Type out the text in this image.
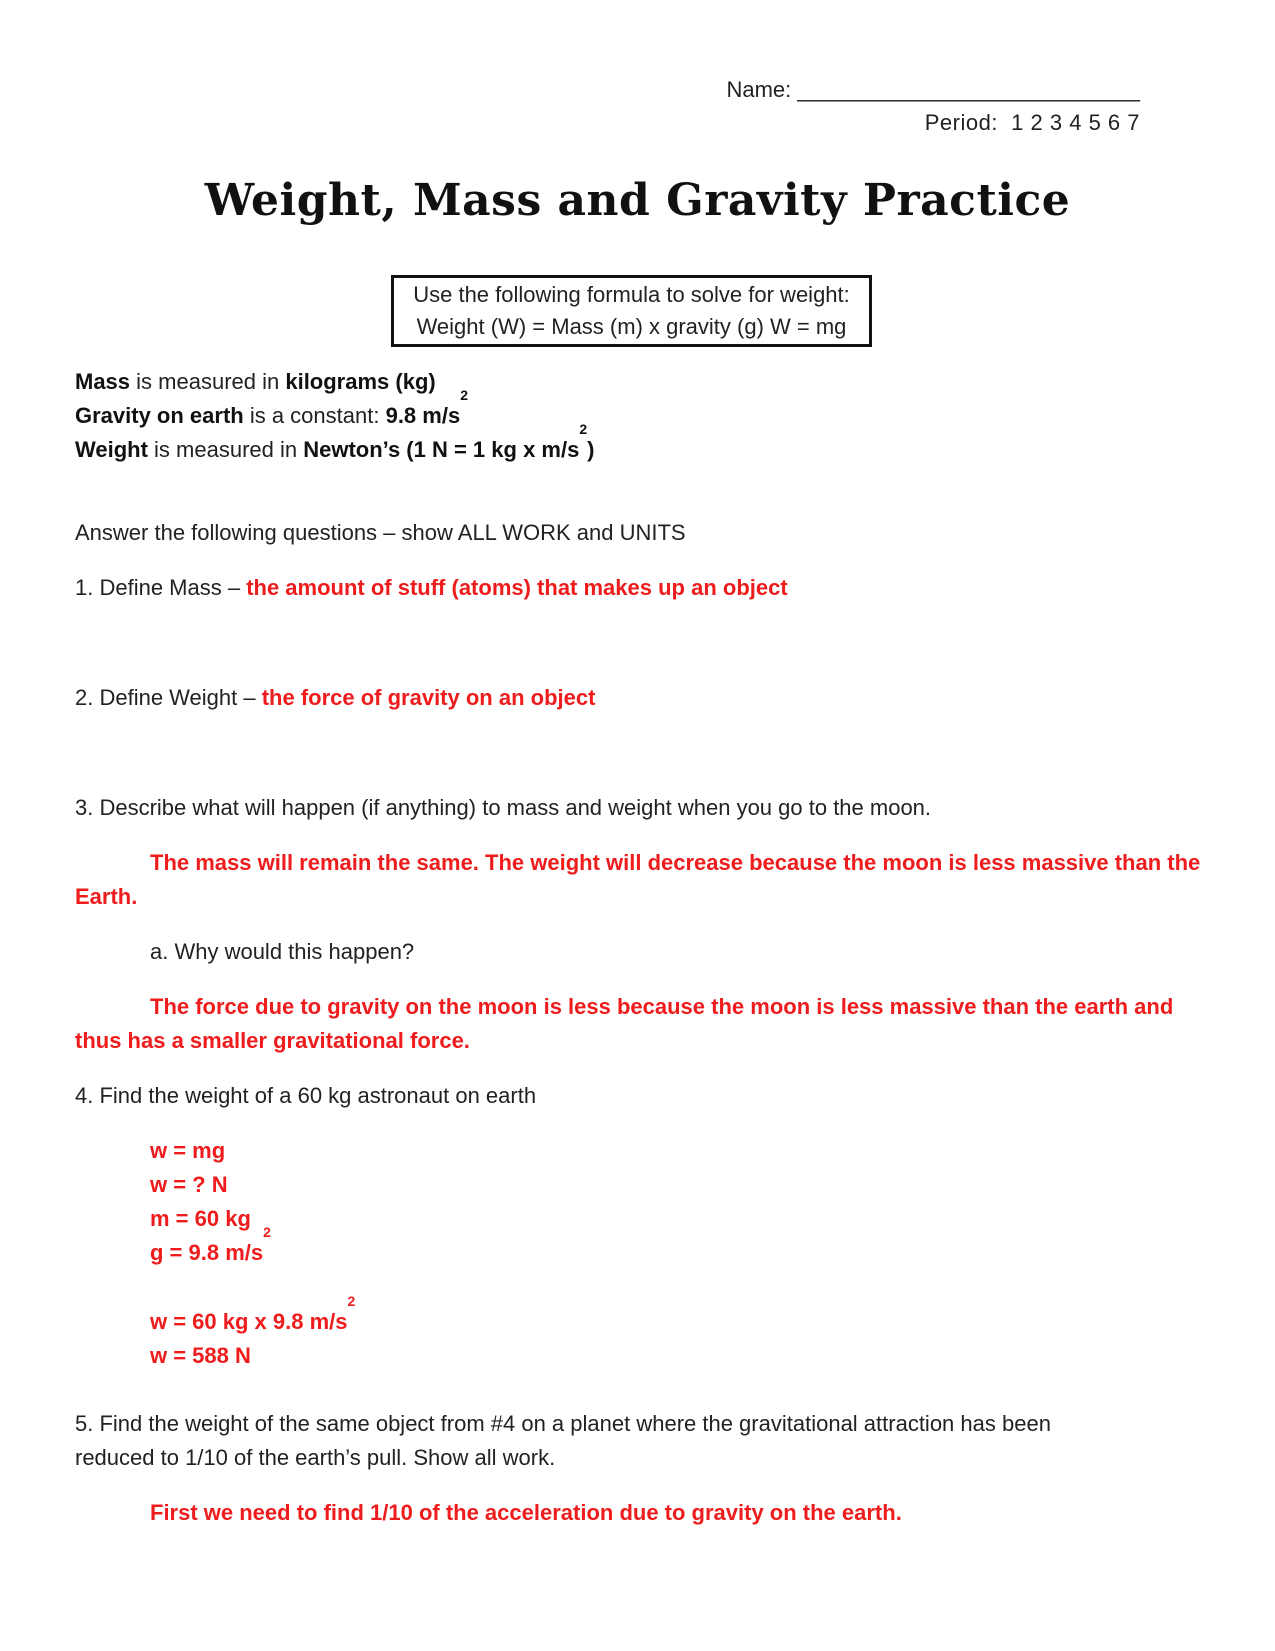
Name: ____________________________
Period: 1 2 3 4 5 6 7
Weight, Mass and Gravity Practice
Use the following formula to solve for weight:
Weight (W) = Mass (m) x gravity (g) W = mg
Mass is measured in kilograms (kg)
Gravity on earth is a constant: 9.8 $m/s^2$
Weight is measured in Newton’s (1 N = 1 kg x $m/s^2$)
Answer the following questions – show ALL WORK and UNITS
1. Define Mass – the amount of stuff (atoms) that makes up an object
2. Define Weight – the force of gravity on an object
3. Describe what will happen (if anything) to mass and weight when you go to the moon.
The mass will remain the same. The weight will decrease because the moon is less massive than the
Earth.
a. Why would this happen?
The force due to gravity on the moon is less because the moon is less massive than the earth and
thus has a smaller gravitational force.
4. Find the weight of a 60 kg astronaut on earth
w = mg
w = ? N
m = 60 kg
g = 9.8 $m/s^2$
w = 60 kg x 9.8 $m/s^2$
w = 588 N
5. Find the weight of the same object from #4 on a planet where the gravitational attraction has been
reduced to 1/10 of the earth’s pull. Show all work.
First we need to find 1/10 of the acceleration due to gravity on the earth.
